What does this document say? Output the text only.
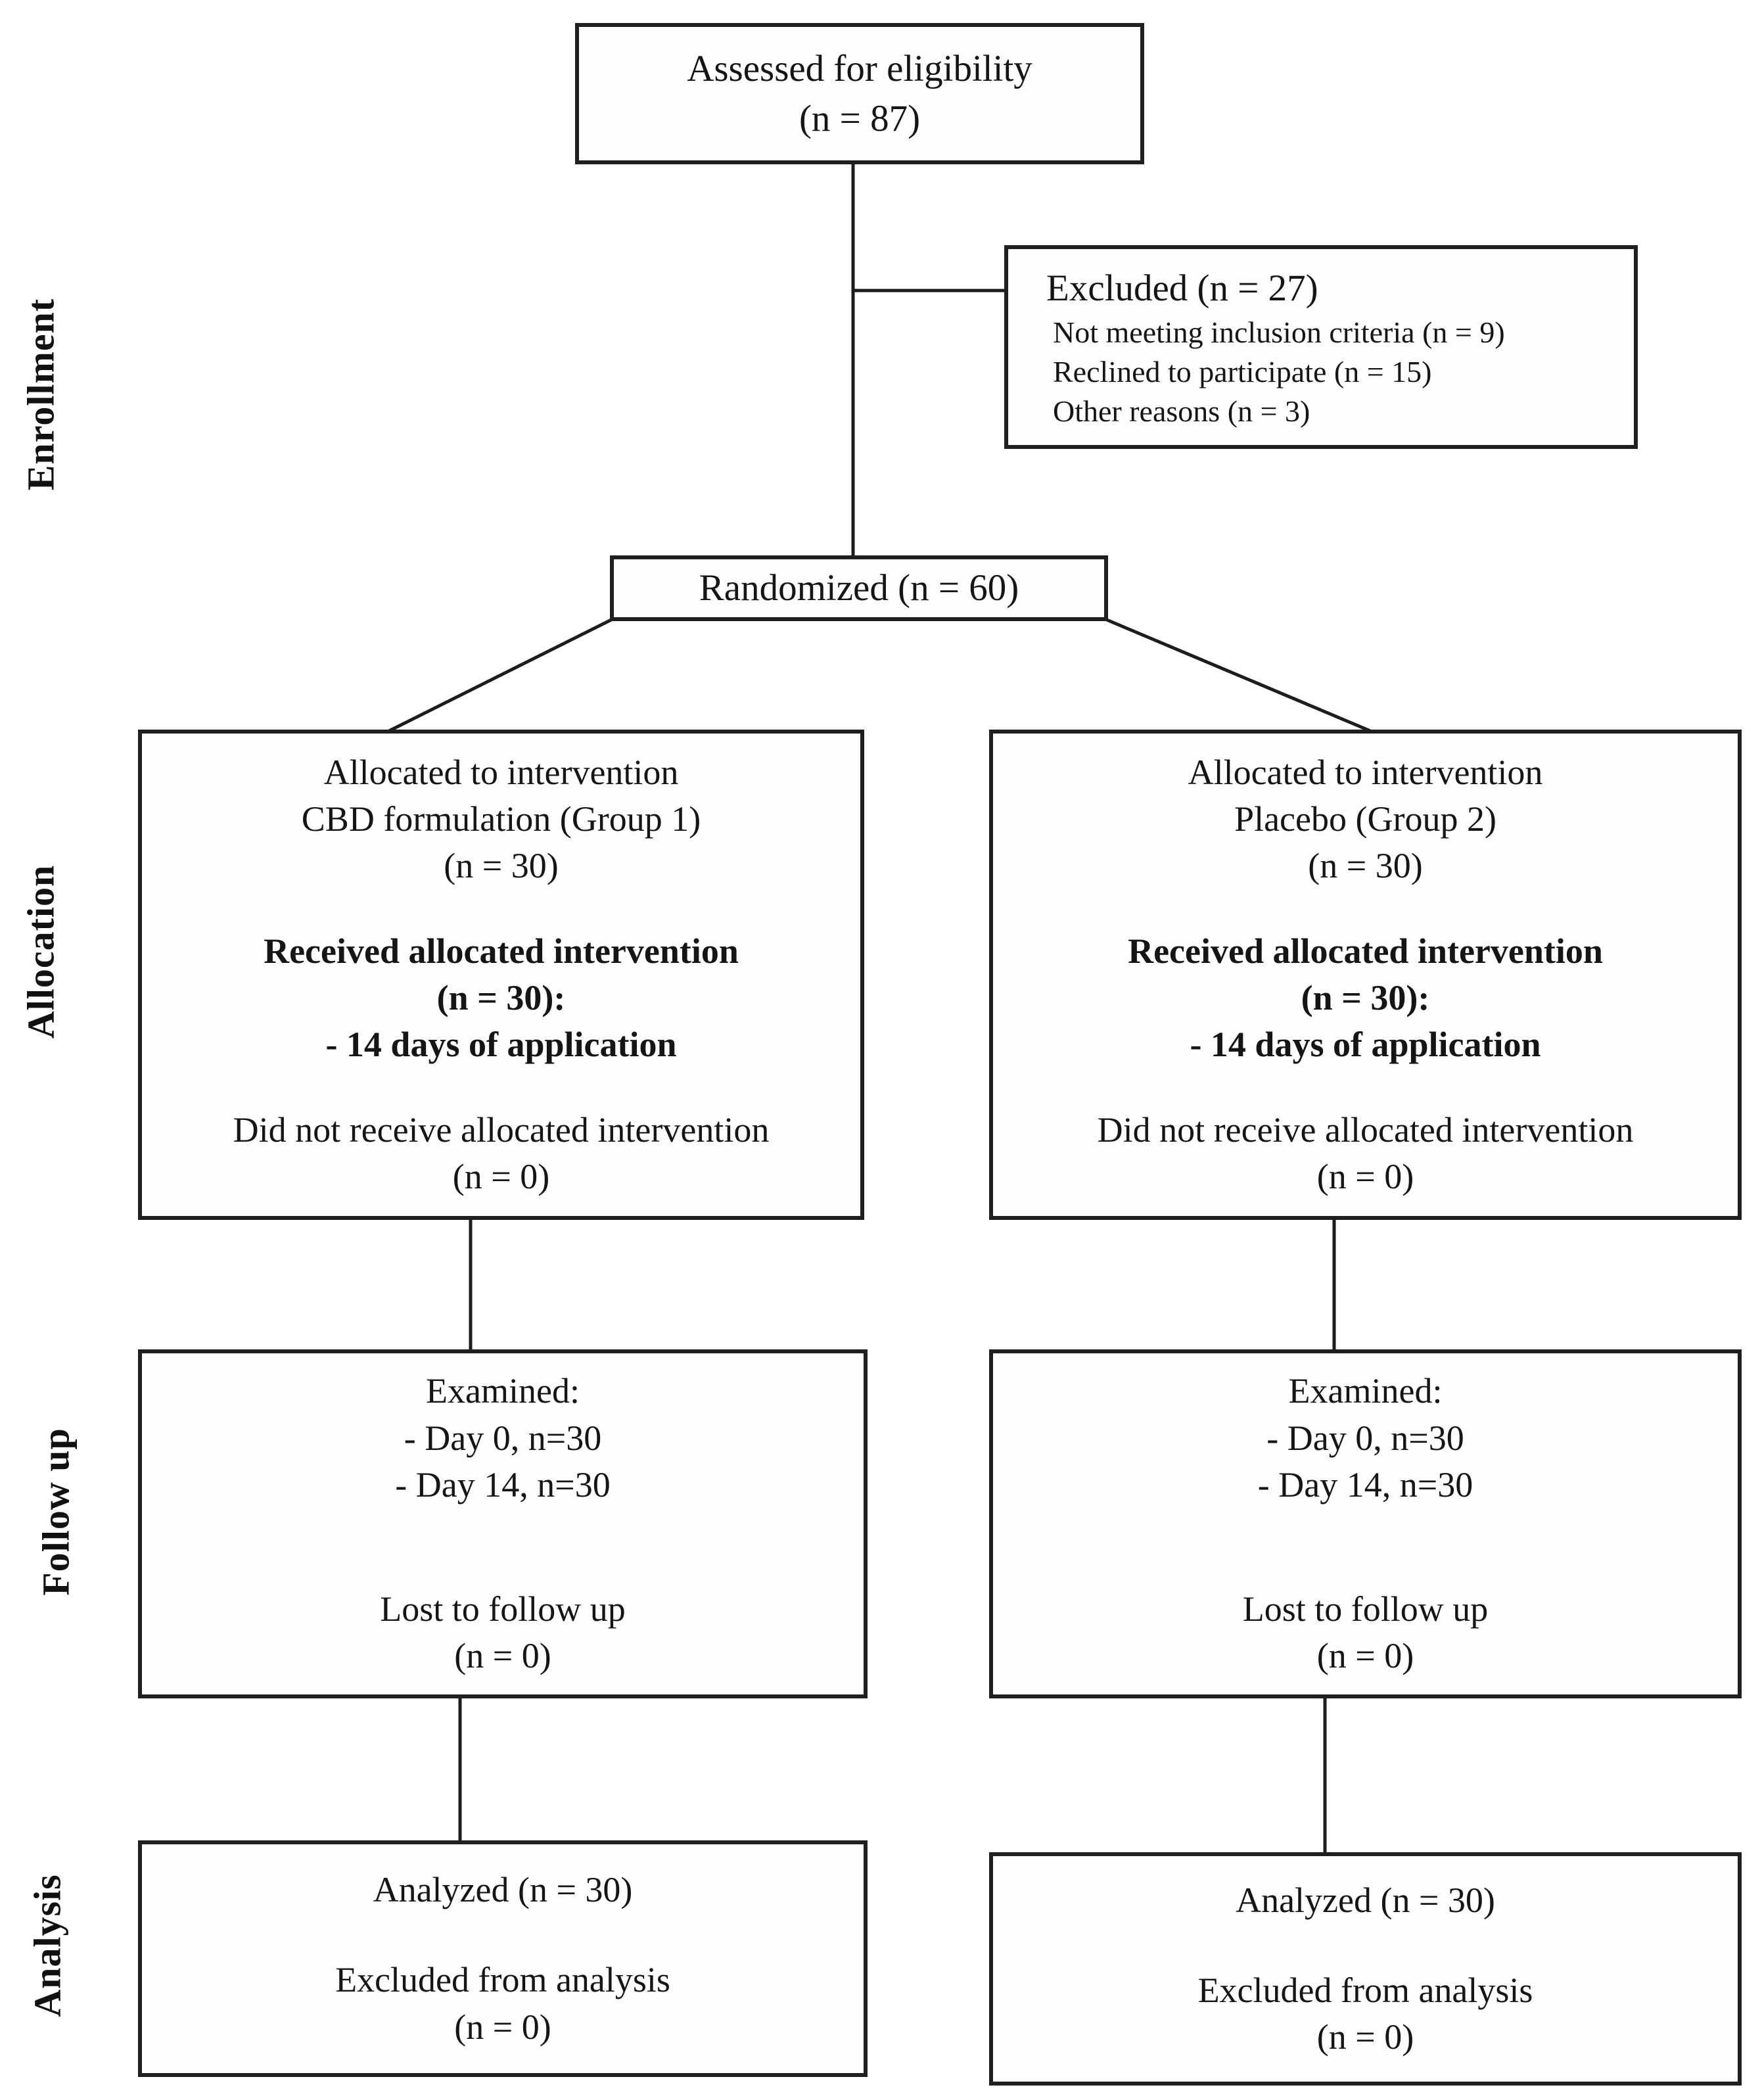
Enrollment
Allocation
Follow up
Analysis
Assessed for eligibility
(n = 87)
Excluded (n = 27)
Not meeting inclusion criteria (n = 9)
Reclined to participate (n = 15)
Other reasons (n = 3)
Randomized (n = 60)
Allocated to intervention
CBD formulation (Group 1)
(n = 30)
Received allocated intervention
(n = 30):
- 14 days of application
Did not receive allocated intervention
(n = 0)
Allocated to intervention
Placebo (Group 2)
(n = 30)
Received allocated intervention
(n = 30):
- 14 days of application
Did not receive allocated intervention
(n = 0)
Examined:
- Day 0, n=30
- Day 14, n=30
Lost to follow up
(n = 0)
Examined:
- Day 0, n=30
- Day 14, n=30
Lost to follow up
(n = 0)
Analyzed (n = 30)
Excluded from analysis
(n = 0)
Analyzed (n = 30)
Excluded from analysis
(n = 0)
